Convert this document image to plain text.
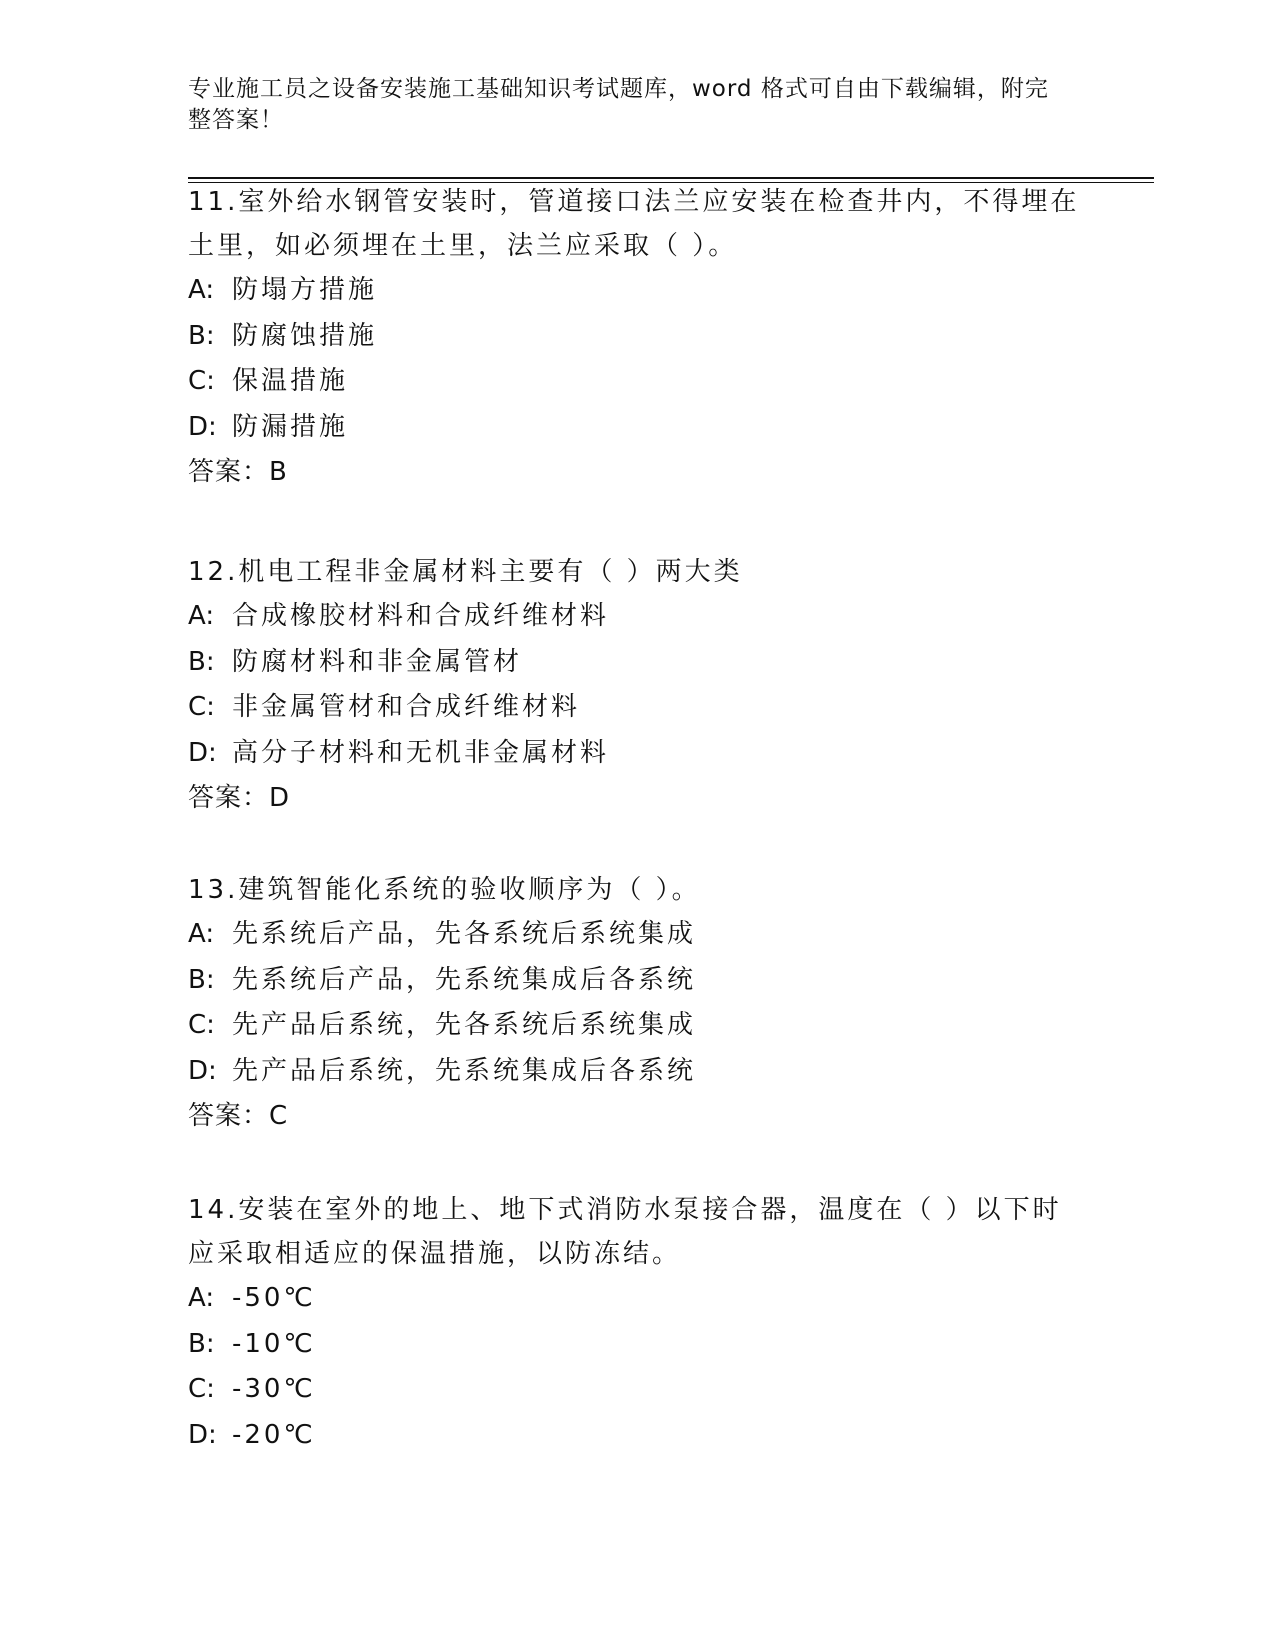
专业施工员之设备安装施工基础知识考试题库，word 格式可自由下载编辑，附完整答案！

11.室外给水钢管安装时，管道接口法兰应安装在检查井内，不得埋在土里，如必须埋在土里，法兰应采取（ ）。

A: 防塌方措施

B: 防腐蚀措施

C: 保温措施

D: 防漏措施

答案：B

12.机电工程非金属材料主要有（ ）两大类

A: 合成橡胶材料和合成纤维材料

B: 防腐材料和非金属管材

C: 非金属管材和合成纤维材料

D: 高分子材料和无机非金属材料

答案：D

13.建筑智能化系统的验收顺序为（ ）。

A: 先系统后产品，先各系统后系统集成

B: 先系统后产品，先系统集成后各系统

C: 先产品后系统，先各系统后系统集成

D: 先产品后系统，先系统集成后各系统

答案：C

14.安装在室外的地上、地下式消防水泵接合器，温度在（ ）以下时应采取相适应的保温措施，以防冻结。

A: -50℃

B: -10℃

C: -30℃

D: -20℃
